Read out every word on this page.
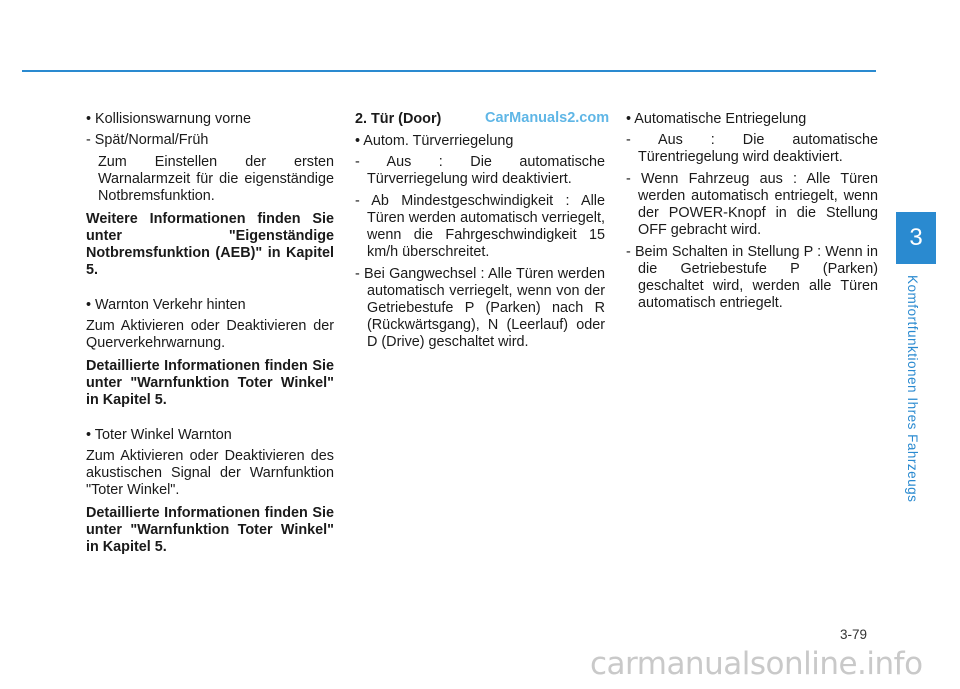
CarManuals2.com

• Kollisionswarnung vorne

- Spät/Normal/Früh

Zum Einstellen der ersten Warnalarmzeit für die eigenständige Notbremsfunktion.

Weitere Informationen finden Sie unter "Eigenständige Notbremsfunktion (AEB)" in Kapitel 5.

• Warnton Verkehr hinten

Zum Aktivieren oder Deaktivieren der Querverkehrwarnung.

Detaillierte Informationen finden Sie unter "Warnfunktion Toter Winkel" in Kapitel 5.

• Toter Winkel Warnton

Zum Aktivieren oder Deaktivieren des akustischen Signal der Warnfunktion "Toter Winkel".

Detaillierte Informationen finden Sie unter "Warnfunktion Toter Winkel" in Kapitel 5.

2. Tür (Door)

• Autom. Türverriegelung

- Aus : Die automatische Türverriegelung wird deaktiviert.

- Ab Mindestgeschwindigkeit : Alle Türen werden automatisch verriegelt, wenn die Fahrgeschwindigkeit 15 km/h überschreitet.

- Bei Gangwechsel : Alle Türen werden automatisch verriegelt, wenn von der Getriebestufe P (Parken) nach R (Rückwärtsgang), N (Leerlauf) oder D (Drive) geschaltet wird.

• Automatische Entriegelung

- Aus : Die automatische Türentriegelung wird deaktiviert.

- Wenn Fahrzeug aus : Alle Türen werden automatisch entriegelt, wenn der POWER-Knopf in die Stellung OFF gebracht wird.

- Beim Schalten in Stellung P : Wenn in die Getriebestufe P (Parken) geschaltet wird, werden alle Türen automatisch entriegelt.

3
Komfortfunktionen Ihres Fahrzeugs
3-79
carmanualsonline.info
